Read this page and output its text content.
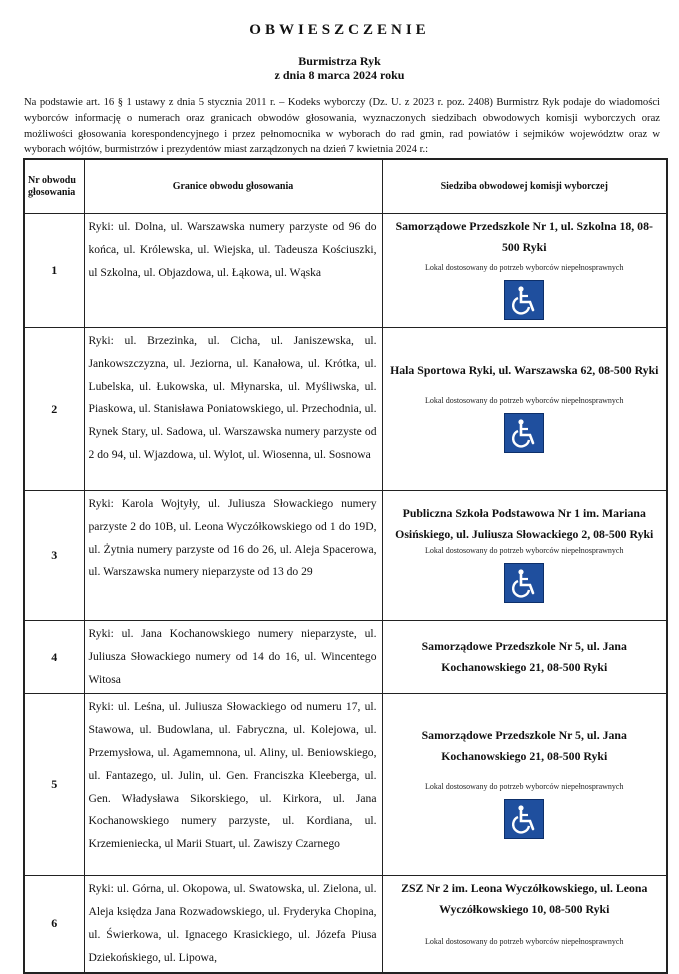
OBWIESZCZENIE
Burmistrza Ryk
z dnia 8 marca 2024 roku
Na podstawie art. 16 § 1 ustawy z dnia 5 stycznia 2011 r. – Kodeks wyborczy (Dz. U. z 2023 r. poz. 2408) Burmistrz Ryk podaje do wiadomości wyborców informację o numerach oraz granicach obwodów głosowania, wyznaczonych siedzibach obwodowych komisji wyborczych oraz możliwości głosowania korespondencyjnego i przez pełnomocnika w wyborach do rad gmin, rad powiatów i sejmików województw oraz w wyborach wójtów, burmistrzów i prezydentów miast zarządzonych na dzień 7 kwietnia 2024 r.:
Nr obwodu głosowania	Granice obwodu głosowania	Siedziba obwodowej komisji wyborczej
1	Ryki: ul. Dolna, ul. Warszawska numery parzyste od 96 do końca, ul. Królewska, ul. Wiejska, ul. Tadeusza Kościuszki, ul Szkolna, ul. Objazdowa, ul. Łąkowa, ul. Wąska	Samorządowe Przedszkole Nr 1, ul. Szkolna 18, 08-500 Ryki
Lokal dostosowany do potrzeb wyborców niepełnosprawnych

2	Ryki: ul. Brzezinka, ul. Cicha, ul. Janiszewska, ul. Jankowszczyzna, ul. Jeziorna, ul. Kanałowa, ul. Krótka, ul. Lubelska, ul. Łukowska, ul. Młynarska, ul. Myśliwska, ul. Piaskowa, ul. Stanisława Poniatowskiego, ul. Przechodnia, ul. Rynek Stary, ul. Sadowa, ul. Warszawska numery parzyste od 2 do 94, ul. Wjazdowa, ul. Wylot, ul. Wiosenna, ul. Sosnowa	Hala Sportowa Ryki, ul. Warszawska 62, 08-500 Ryki
Lokal dostosowany do potrzeb wyborców niepełnosprawnych

3	Ryki: Karola Wojtyły, ul. Juliusza Słowackiego numery parzyste 2 do 10B, ul. Leona Wyczółkowskiego od 1 do 19D, ul. Żytnia numery parzyste od 16 do 26, ul. Aleja Spacerowa, ul. Warszawska numery nieparzyste od 13 do 29	Publiczna Szkoła Podstawowa Nr 1 im. Mariana Osińskiego, ul. Juliusza Słowackiego 2, 08-500 Ryki
Lokal dostosowany do potrzeb wyborców niepełnosprawnych

4	Ryki: ul. Jana Kochanowskiego numery nieparzyste, ul. Juliusza Słowackiego numery od 14 do 16, ul. Wincentego Witosa	Samorządowe Przedszkole Nr 5, ul. Jana Kochanowskiego 21, 08-500 Ryki

5	Ryki: ul. Leśna, ul. Juliusza Słowackiego od numeru 17, ul. Stawowa, ul. Budowlana, ul. Fabryczna, ul. Kolejowa, ul. Przemysłowa, ul. Agamemnona, ul. Aliny, ul. Beniowskiego, ul. Fantazego, ul. Julin, ul. Gen. Franciszka Kleeberga, ul. Gen. Władysława Sikorskiego, ul. Kirkora, ul. Jana Kochanowskiego numery parzyste, ul. Kordiana, ul. Krzemieniecka, ul Marii Stuart, ul. Zawiszy Czarnego	Samorządowe Przedszkole Nr 5, ul. Jana Kochanowskiego 21, 08-500 Ryki
Lokal dostosowany do potrzeb wyborców niepełnosprawnych

6	Ryki: ul. Górna, ul. Okopowa, ul. Swatowska, ul. Zielona, ul. Aleja księdza Jana Rozwadowskiego, ul. Fryderyka Chopina, ul. Świerkowa, ul. Ignacego Krasickiego, ul. Józefa Piusa Dziekońskiego, ul. Lipowa,	ZSZ Nr 2 im. Leona Wyczółkowskiego, ul. Leona Wyczółkowskiego 10, 08-500 Ryki
Lokal dostosowany do potrzeb wyborców niepełnosprawnych
